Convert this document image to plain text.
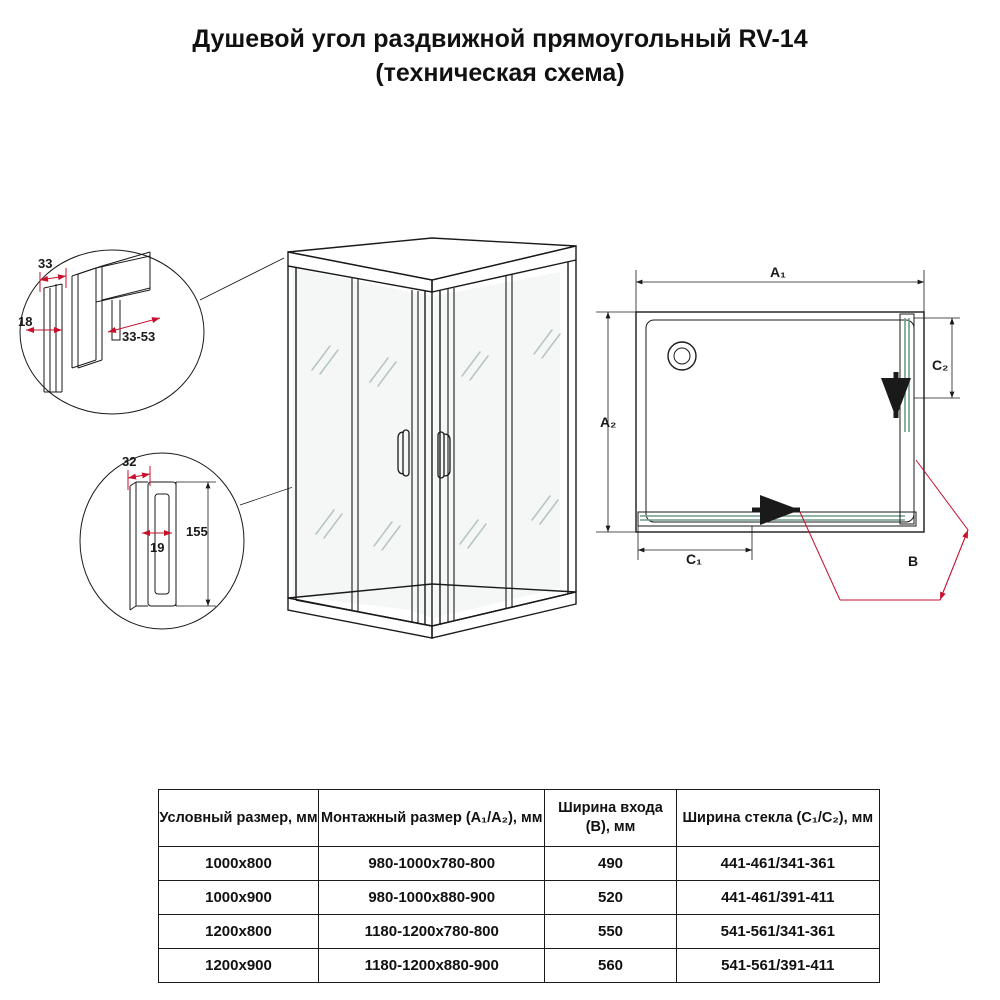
Душевой угол раздвижной прямоугольный RV-14
(техническая схема)
33
18
33-53
32
19
155
A₁
A₂
C₂
C₁	B
Условный размер, мм	Монтажный размер (A₁/A₂), мм	Ширина входа (B), мм	Ширина стекла (C₁/C₂), мм
1000х800	980-1000х780-800	490	441-461/341-361
1000х900	980-1000х880-900	520	441-461/391-411
1200х800	1180-1200х780-800	550	541-561/341-361
1200х900	1180-1200х880-900	560	541-561/391-411
